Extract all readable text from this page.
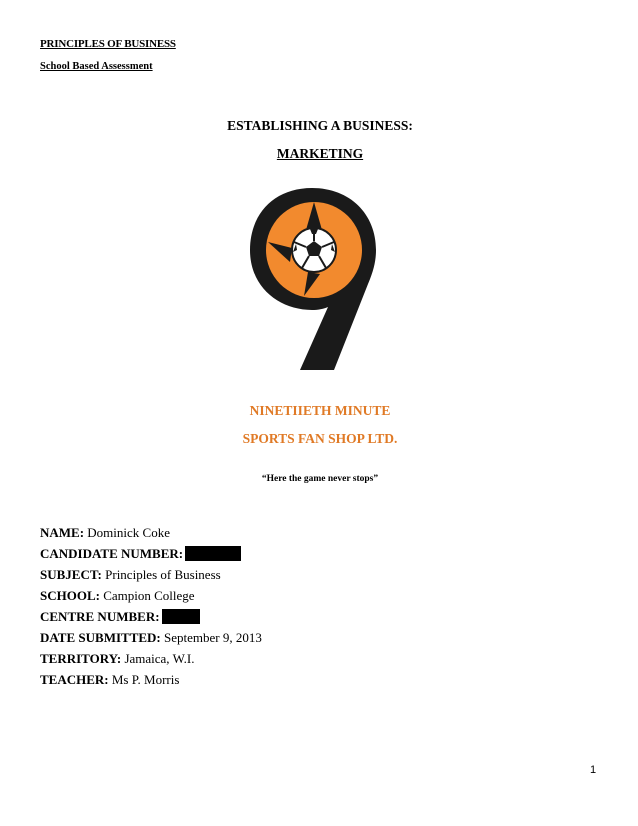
PRINCIPLES OF BUSINESS
School Based Assessment
ESTABLISHING A BUSINESS:
MARKETING
NINETIIETH MINUTE
SPORTS FAN SHOP LTD.
“Here the game never stops”
NAME: Dominick Coke
CANDIDATE NUMBER:
SUBJECT: Principles of Business
SCHOOL: Campion College
CENTRE NUMBER:
DATE SUBMITTED: September 9, 2013
TERRITORY: Jamaica, W.I.
TEACHER: Ms P. Morris
1
